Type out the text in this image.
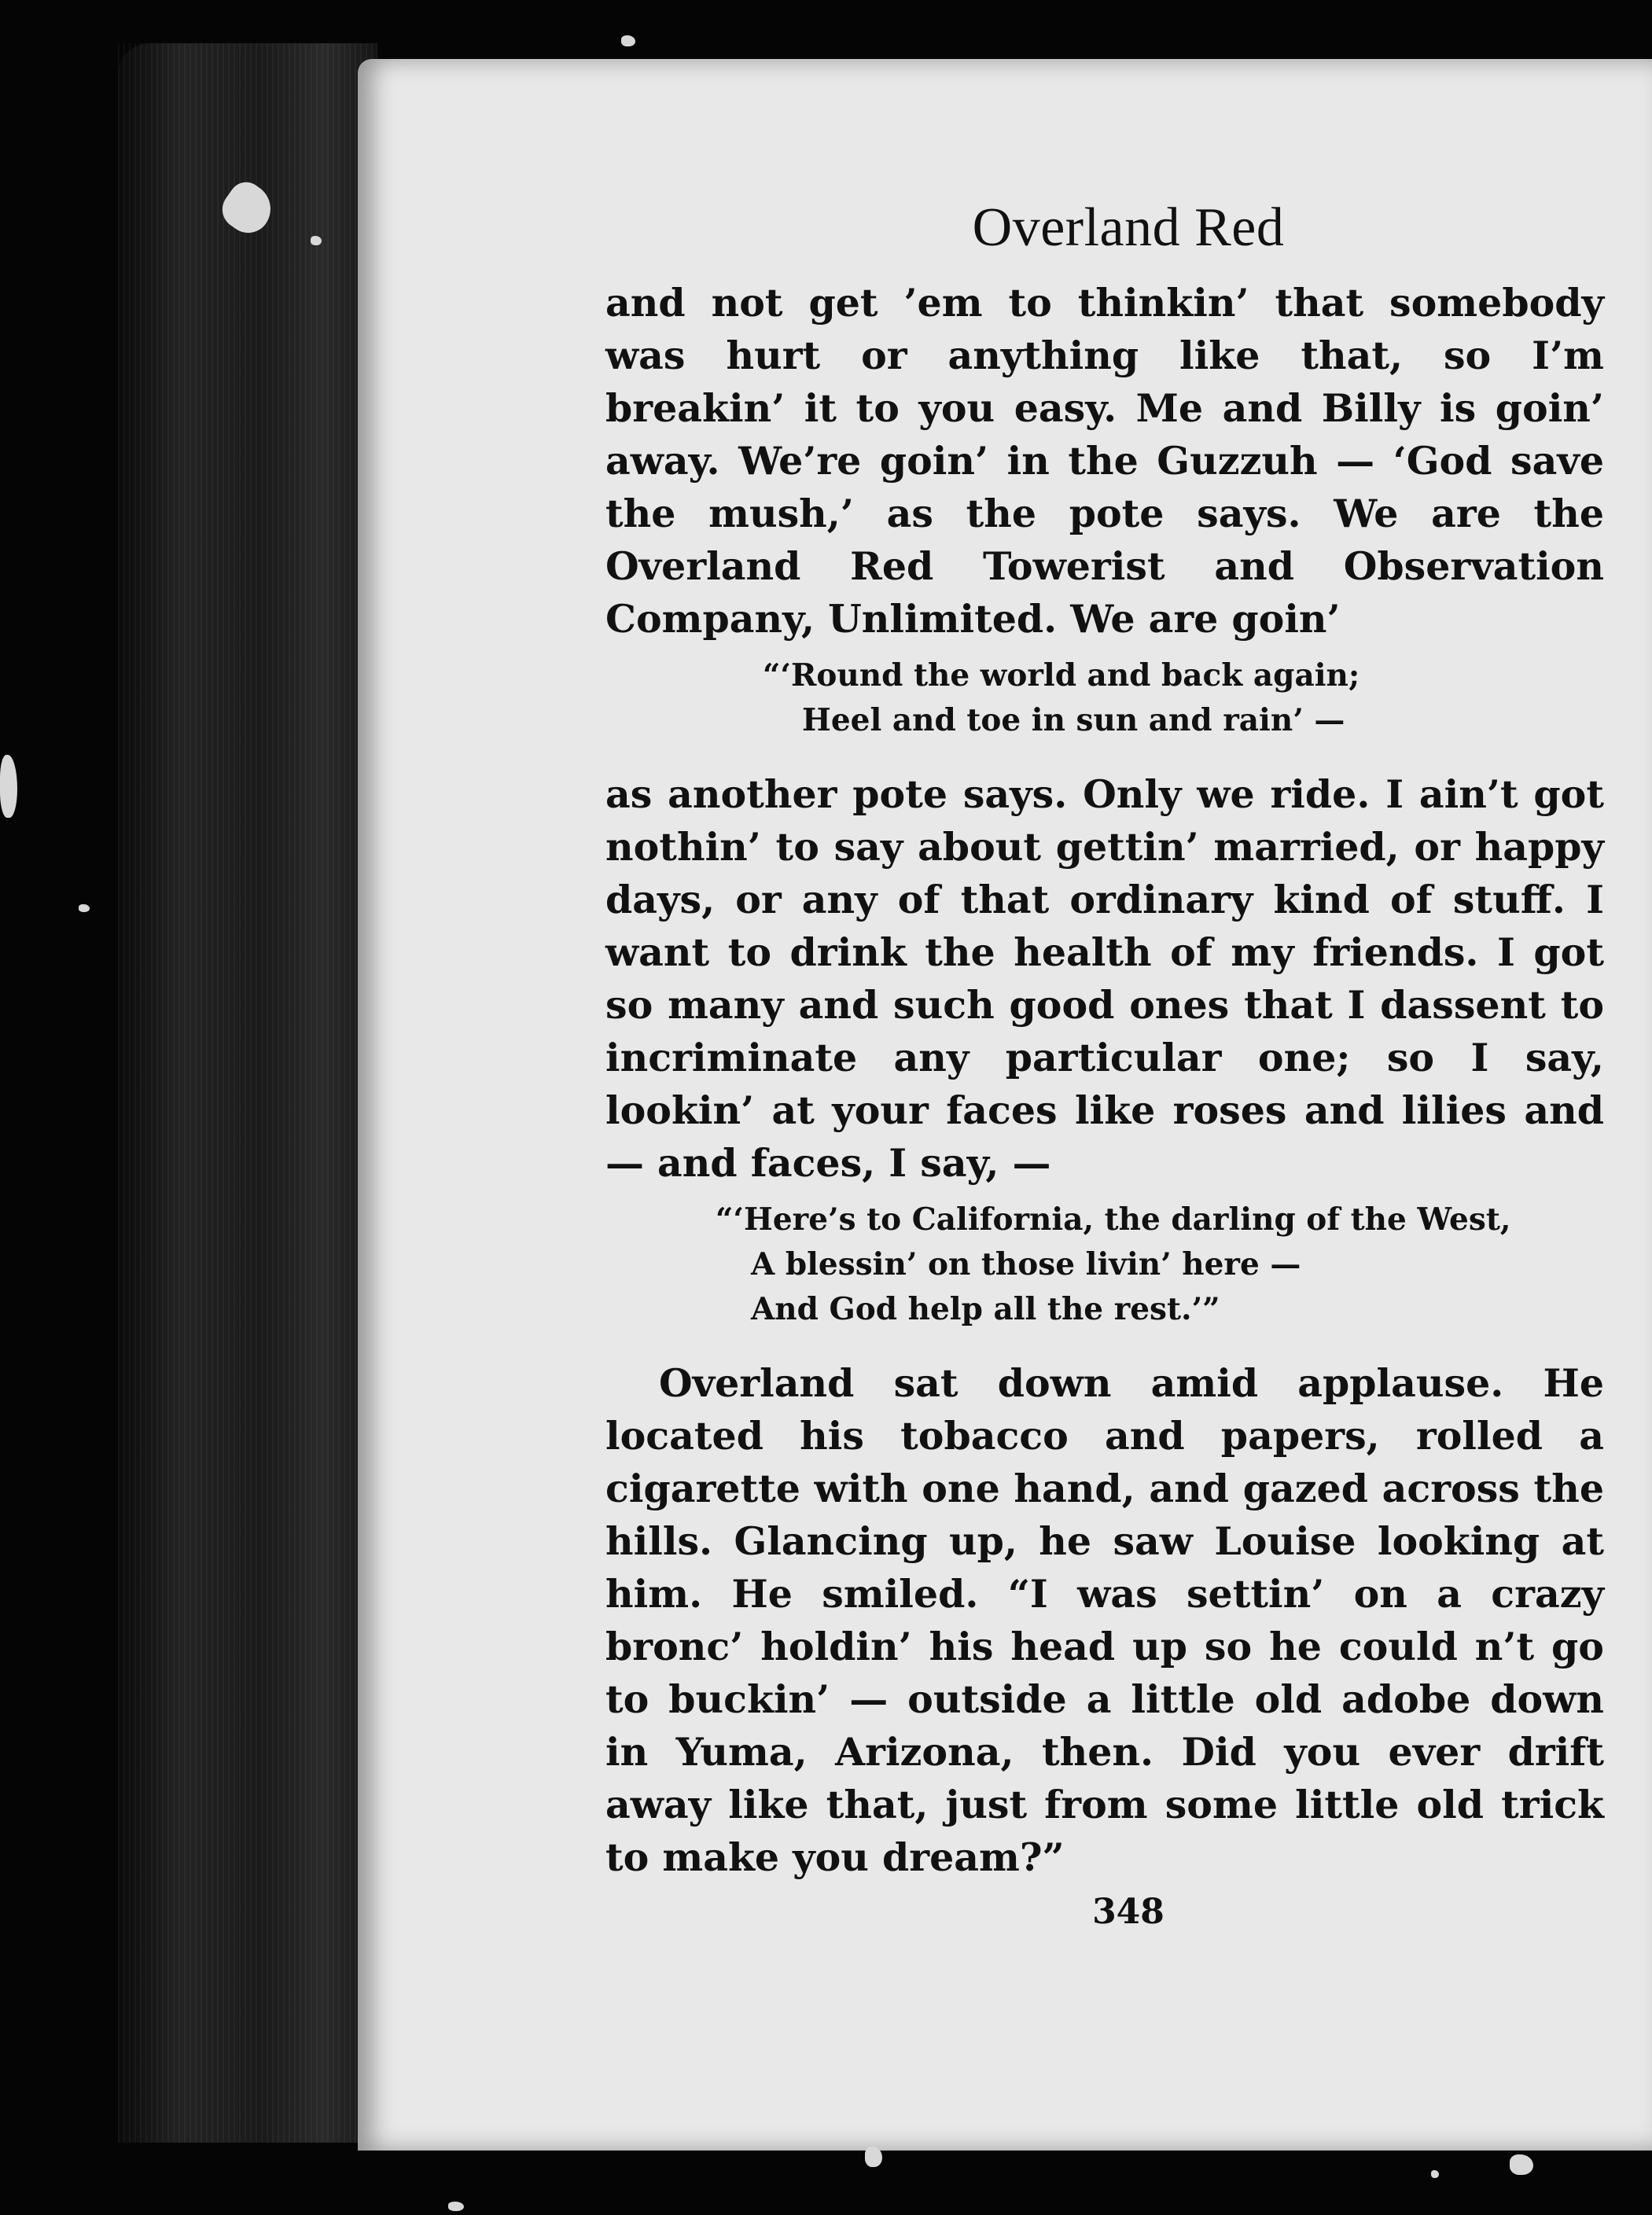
Overland Red

and not get ’em to thinkin’ that somebody was hurt or anything like that, so I’m breakin’ it to you easy. Me and Billy is goin’ away. We’re goin’ in the Guzzuh — ‘God save the mush,’ as the pote says. We are the Overland Red Towerist and Observation Company, Unlimited. We are goin’

“‘Round the world and back again;
Heel and toe in sun and rain’ —

as another pote says. Only we ride. I ain’t got nothin’ to say about gettin’ married, or happy days, or any of that ordinary kind of stuff. I want to drink the health of my friends. I got so many and such good ones that I dassent to incriminate any particular one; so I say, lookin’ at your faces like roses and lilies and — and faces, I say, —

“‘Here’s to California, the darling of the West,
A blessin’ on those livin’ here —
And God help all the rest.’”

Overland sat down amid applause. He located his tobacco and papers, rolled a cigarette with one hand, and gazed across the hills. Glancing up, he saw Louise looking at him. He smiled. “I was settin’ on a crazy bronc’ holdin’ his head up so he could n’t go to buckin’ — outside a little old adobe down in Yuma, Arizona, then. Did you ever drift away like that, just from some little old trick to make you dream?”

348
